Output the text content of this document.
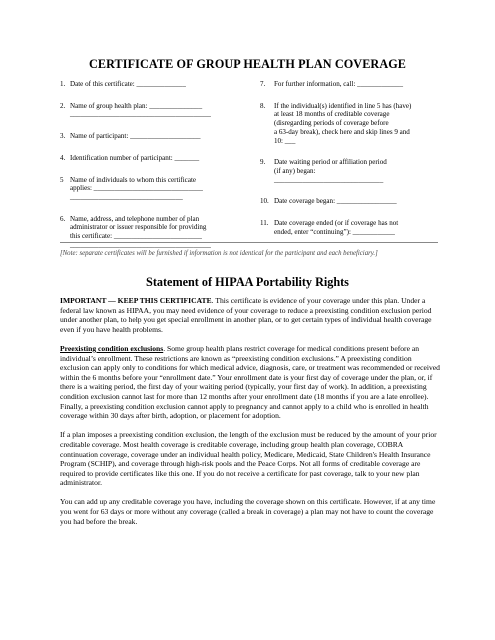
CERTIFICATE OF GROUP HEALTH PLAN COVERAGE
1. Date of this certificate: ______________
2. Name of group health plan: _______________
________________________________________
3. Name of participant: ____________________
4. Identification number of participant: _______
5 Name of individuals to whom this certificate
applies: _______________________________
________________________________
6. Name, address, and telephone number of plan
administrator or issuer responsible for providing
this certificate: _________________________
________________________________________
7.	For further information, call: _____________
8.	If the individual(s) identified in line 5 has (have)
at least 18 months of creditable coverage
(disregarding periods of coverage before
a 63-day break), check here and skip lines 9 and
10: ___
9.	Date waiting period or affiliation period
(if any) began:
_______________________________
10. Date coverage began: _________________
11. Date coverage ended (or if coverage has not
ended, enter “continuing”): ____________
[Note: separate certificates will be furnished if information is not identical for the participant and each beneficiary.]
Statement of HIPAA Portability Rights

IMPORTANT — KEEP THIS CERTIFICATE. This certificate is evidence of your coverage under this plan. Under a federal law known as HIPAA, you may need evidence of your coverage to reduce a preexisting condition exclusion period under another plan, to help you get special enrollment in another plan, or to get certain types of individual health coverage even if you have health problems.

Preexisting condition exclusions. Some group health plans restrict coverage for medical conditions present before an individual’s enrollment. These restrictions are known as “preexisting condition exclusions.” A preexisting condition exclusion can apply only to conditions for which medical advice, diagnosis, care, or treatment was recommended or received within the 6 months before your “enrollment date.” Your enrollment date is your first day of coverage under the plan, or, if there is a waiting period, the first day of your waiting period (typically, your first day of work). In addition, a preexisting condition exclusion cannot last for more than 12 months after your enrollment date (18 months if you are a late enrollee). Finally, a preexisting condition exclusion cannot apply to pregnancy and cannot apply to a child who is enrolled in health coverage within 30 days after birth, adoption, or placement for adoption.

If a plan imposes a preexisting condition exclusion, the length of the exclusion must be reduced by the amount of your prior creditable coverage. Most health coverage is creditable coverage, including group health plan coverage, COBRA continuation coverage, coverage under an individual health policy, Medicare, Medicaid, State Children's Health Insurance Program (SCHIP), and coverage through high-risk pools and the Peace Corps. Not all forms of creditable coverage are required to provide certificates like this one. If you do not receive a certificate for past coverage, talk to your new plan administrator.

You can add up any creditable coverage you have, including the coverage shown on this certificate. However, if at any time you went for 63 days or more without any coverage (called a break in coverage) a plan may not have to count the coverage you had before the break.
